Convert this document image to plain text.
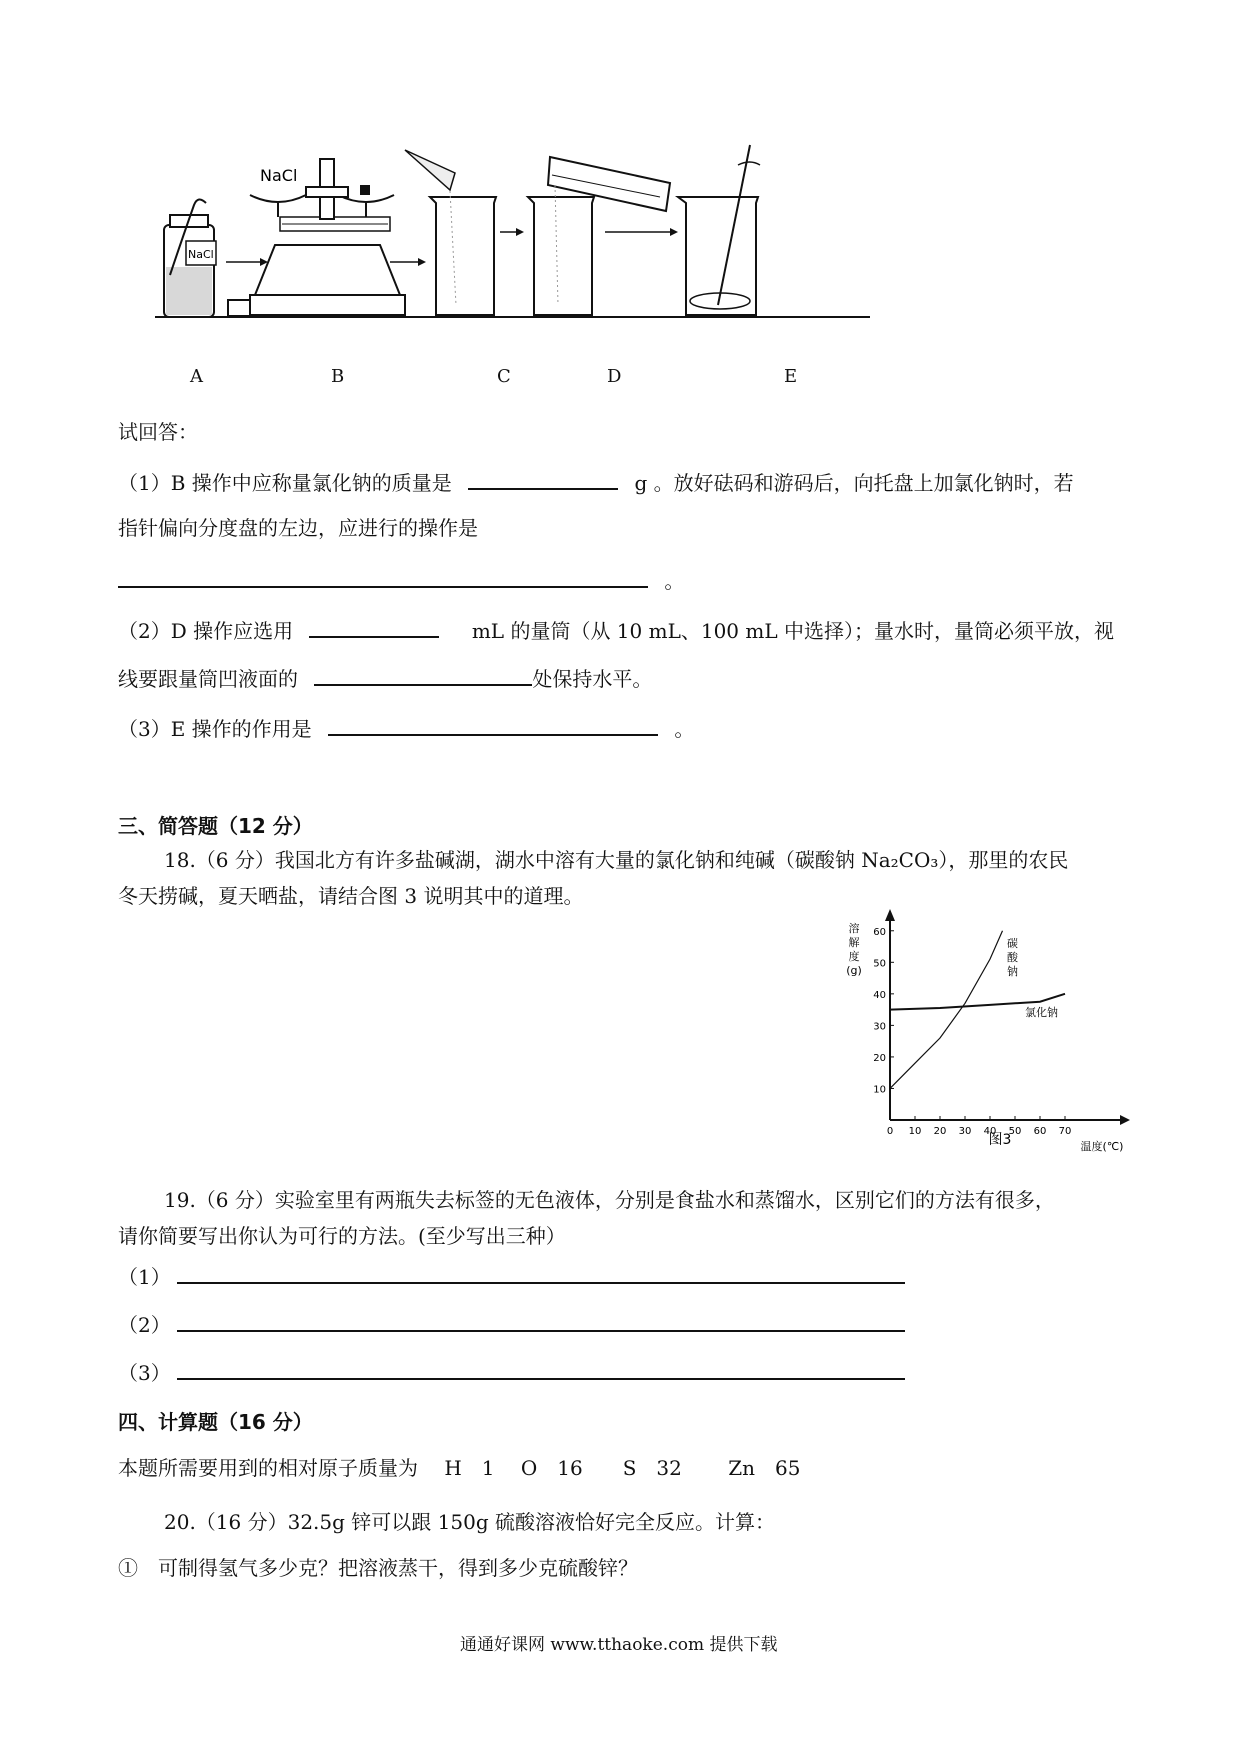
NaCl
NaCl
A	B	C	D	E
试回答：
（1）B 操作中应称量氯化钠的质量是	g 。放好砝码和游码后，向托盘上加氯化钠时，若
指针偏向分度盘的左边，应进行的操作是
。
（2）D 操作应选用	mL 的量筒（从 10 mL、100 mL 中选择）；量水时，量筒必须平放，视
线要跟量筒凹液面的	处保持水平。
（3）E 操作的作用是	。
三、简答题（12 分）
18.（6 分）我国北方有许多盐碱湖，湖水中溶有大量的氯化钠和纯碱（碳酸钠 Na₂CO₃），那里的农民
冬天捞碱，夏天晒盐，请结合图 3 说明其中的道理。
0 10 20 30 40 50 60 70
10
20
30
40
50
60
溶
解
度
(g)
温度(℃)
图3
碳
酸
钠
氯化钠
19.（6 分）实验室里有两瓶失去标签的无色液体，分别是食盐水和蒸馏水，区别它们的方法有很多，
请你简要写出你认为可行的方法。(至少写出三种）
（1）
（2）
（3）
四、计算题（16 分）
本题所需要用到的相对原子质量为　 H　1　 O　16　　S　32　　 Zn　65
20.（16 分）32.5g 锌可以跟 150g 硫酸溶液恰好完全反应。计算：
①　可制得氢气多少克？把溶液蒸干，得到多少克硫酸锌？
通通好课网 www.tthaoke.com 提供下载
